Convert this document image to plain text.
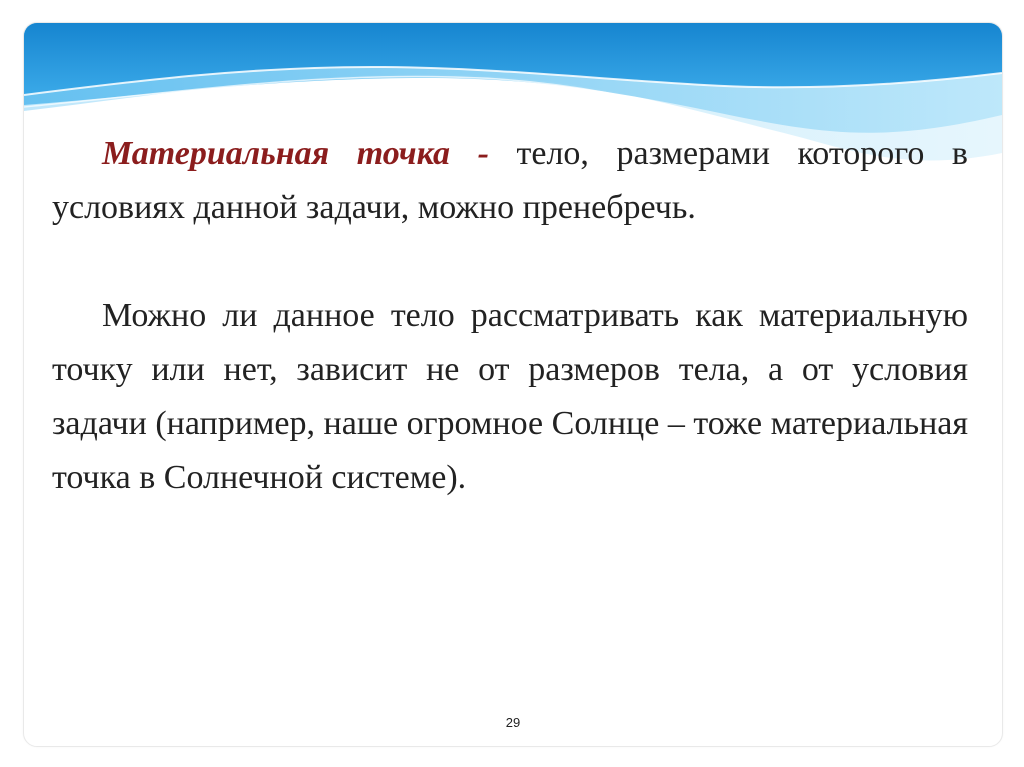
Материальная точка - тело, размерами которого в условиях данной задачи, можно пренебречь.

Можно ли данное тело рассматривать как материальную точку или нет, зависит не от размеров тела, а от условия задачи (например, наше огромное Солнце – тоже материальная точка в Солнечной системе).

29
